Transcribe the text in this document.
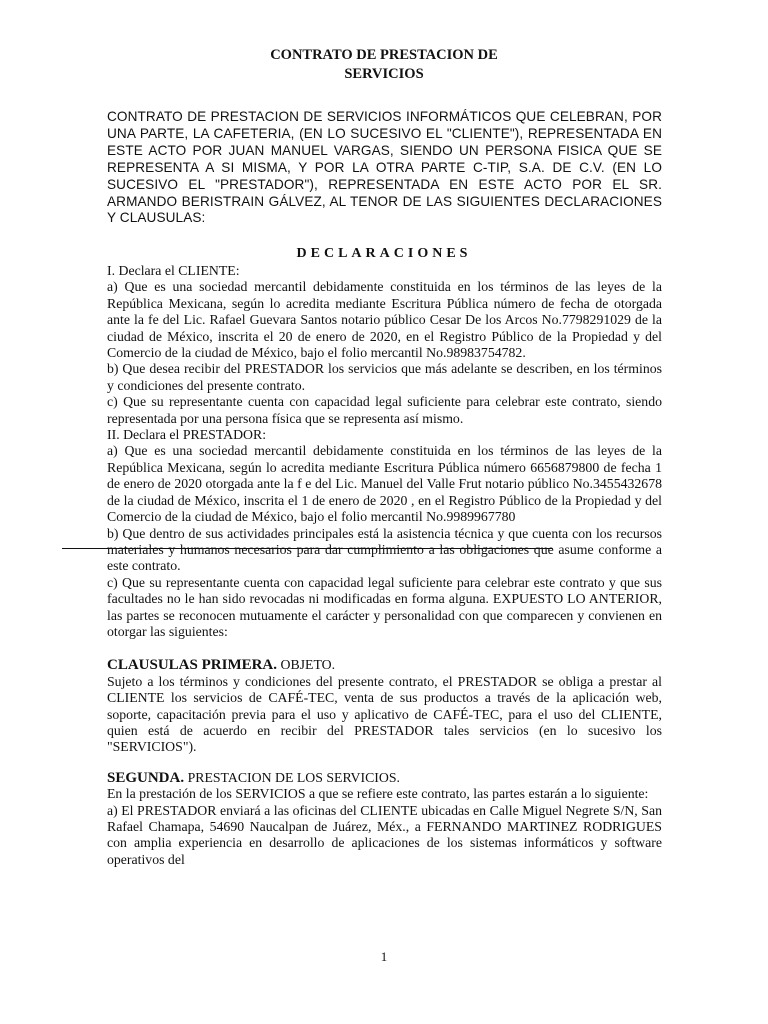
CONTRATO DE PRESTACION DE
SERVICIOS
CONTRATO DE PRESTACION DE SERVICIOS INFORMÁTICOS QUE CELEBRAN, POR UNA PARTE, LA CAFETERIA, (EN LO SUCESIVO EL "CLIENTE"), REPRESENTADA EN ESTE ACTO POR JUAN MANUEL VARGAS, SIENDO UN PERSONA FISICA QUE SE REPRESENTA A SI MISMA, Y POR LA OTRA PARTE C-TIP, S.A. DE C.V. (EN LO SUCESIVO EL "PRESTADOR"), REPRESENTADA EN ESTE ACTO POR EL SR. ARMANDO BERISTRAIN GÁLVEZ, AL TENOR DE LAS SIGUIENTES DECLARACIONES Y CLAUSULAS:
DECLARACIONES

I. Declara el CLIENTE:

a) Que es una sociedad mercantil debidamente constituida en los términos de las leyes de la República Mexicana, según lo acredita mediante Escritura Pública número de fecha de otorgada ante la fe del Lic. Rafael Guevara Santos notario público Cesar De los Arcos No.7798291029 de la ciudad de México, inscrita el 20 de enero de 2020, en el Registro Público de la Propiedad y del Comercio de la ciudad de México, bajo el folio mercantil No.98983754782.

b) Que desea recibir del PRESTADOR los servicios que más adelante se describen, en los términos y condiciones del presente contrato.

c) Que su representante cuenta con capacidad legal suficiente para celebrar este contrato, siendo representada por una persona física que se representa así mismo.

II. Declara el PRESTADOR:

a) Que es una sociedad mercantil debidamente constituida en los términos de las leyes de la República Mexicana, según lo acredita mediante Escritura Pública número 6656879800 de fecha 1 de enero de 2020 otorgada ante la f e del Lic. Manuel del Valle Frut notario público No.3455432678 de la ciudad de México, inscrita el 1 de enero de 2020 , en el Registro Público de la Propiedad y del Comercio de la ciudad de México, bajo el folio mercantil No.9989967780

b) Que dentro de sus actividades principales está la asistencia técnica y que cuenta con los recursos materiales y humanos necesarios para dar cumplimiento a las obligaciones que asume conforme a este contrato.

c) Que su representante cuenta con capacidad legal suficiente para celebrar este contrato y que sus facultades no le han sido revocadas ni modificadas en forma alguna. EXPUESTO LO ANTERIOR, las partes se reconocen mutuamente el carácter y personalidad con que comparecen y convienen en otorgar las siguientes:

CLAUSULAS PRIMERA. OBJETO.

Sujeto a los términos y condiciones del presente contrato, el PRESTADOR se obliga a prestar al CLIENTE los servicios de CAFÉ-TEC, venta de sus productos a través de la aplicación web, soporte, capacitación previa para el uso y aplicativo de CAFÉ-TEC, para el uso del CLIENTE, quien está de acuerdo en recibir del PRESTADOR tales servicios (en lo sucesivo los "SERVICIOS").

SEGUNDA. PRESTACION DE LOS SERVICIOS.

En la prestación de los SERVICIOS a que se refiere este contrato, las partes estarán a lo siguiente:

a) El PRESTADOR enviará a las oficinas del CLIENTE ubicadas en Calle Miguel Negrete S/N, San Rafael Chamapa, 54690 Naucalpan de Juárez, Méx., a FERNANDO MARTINEZ RODRIGUES con amplia experiencia en desarrollo de aplicaciones de los sistemas informáticos y software operativos del

1
